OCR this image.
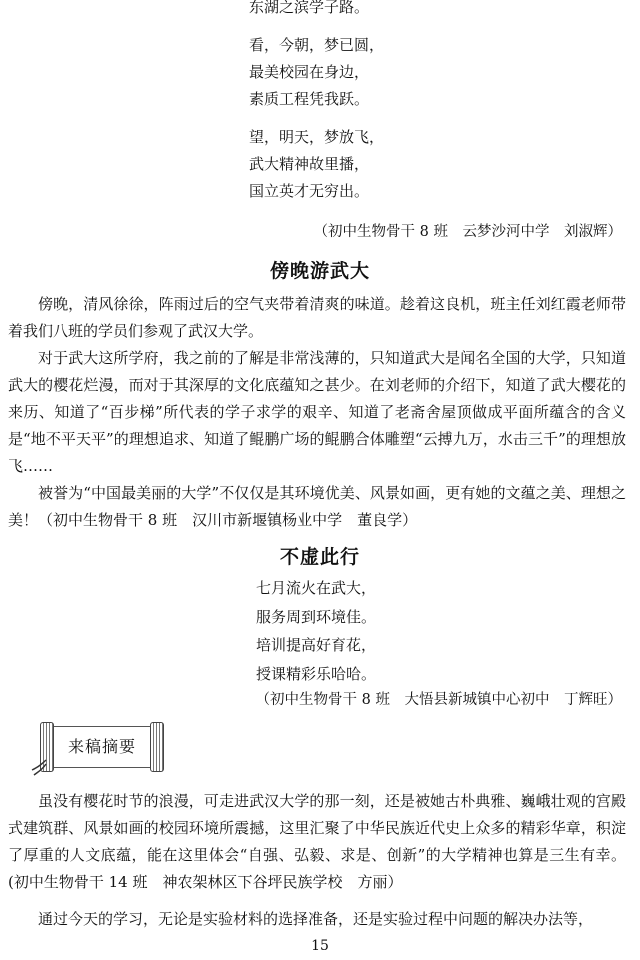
东湖之滨学子路。
看，今朝，梦已圆，
最美校园在身边，
素质工程凭我跃。
望，明天，梦放飞，
武大精神故里播，
国立英才无穷出。
（初中生物骨干 8 班　云梦沙河中学　刘淑辉）
傍晚游武大

傍晚，清风徐徐，阵雨过后的空气夹带着清爽的味道。趁着这良机，班主任刘红霞老师带着我们八班的学员们参观了武汉大学。

对于武大这所学府，我之前的了解是非常浅薄的，只知道武大是闻名全国的大学，只知道武大的樱花烂漫，而对于其深厚的文化底蕴知之甚少。在刘老师的介绍下，知道了武大樱花的来历、知道了“百步梯”所代表的学子求学的艰辛、知道了老斋舍屋顶做成平面所蕴含的含义是“地不平天平”的理想追求、知道了鲲鹏广场的鲲鹏合体雕塑“云搏九万，水击三千”的理想放飞……

被誉为“中国最美丽的大学”不仅仅是其环境优美、风景如画，更有她的文蕴之美、理想之美！（初中生物骨干 8 班　汉川市新堰镇杨业中学　董良学）

不虚此行
七月流火在武大，
服务周到环境佳。
培训提高好育花，
授课精彩乐哈哈。
（初中生物骨干 8 班　大悟县新城镇中心初中　丁辉旺）
来稿摘要

虽没有樱花时节的浪漫，可走进武汉大学的那一刻，还是被她古朴典雅、巍峨壮观的宫殿式建筑群、风景如画的校园环境所震撼，这里汇聚了中华民族近代史上众多的精彩华章，积淀了厚重的人文底蕴，能在这里体会“自强、弘毅、求是、创新”的大学精神也算是三生有幸。(初中生物骨干 14 班　神农架林区下谷坪民族学校　方丽）

通过今天的学习，无论是实验材料的选择准备，还是实验过程中问题的解决办法等，

15
